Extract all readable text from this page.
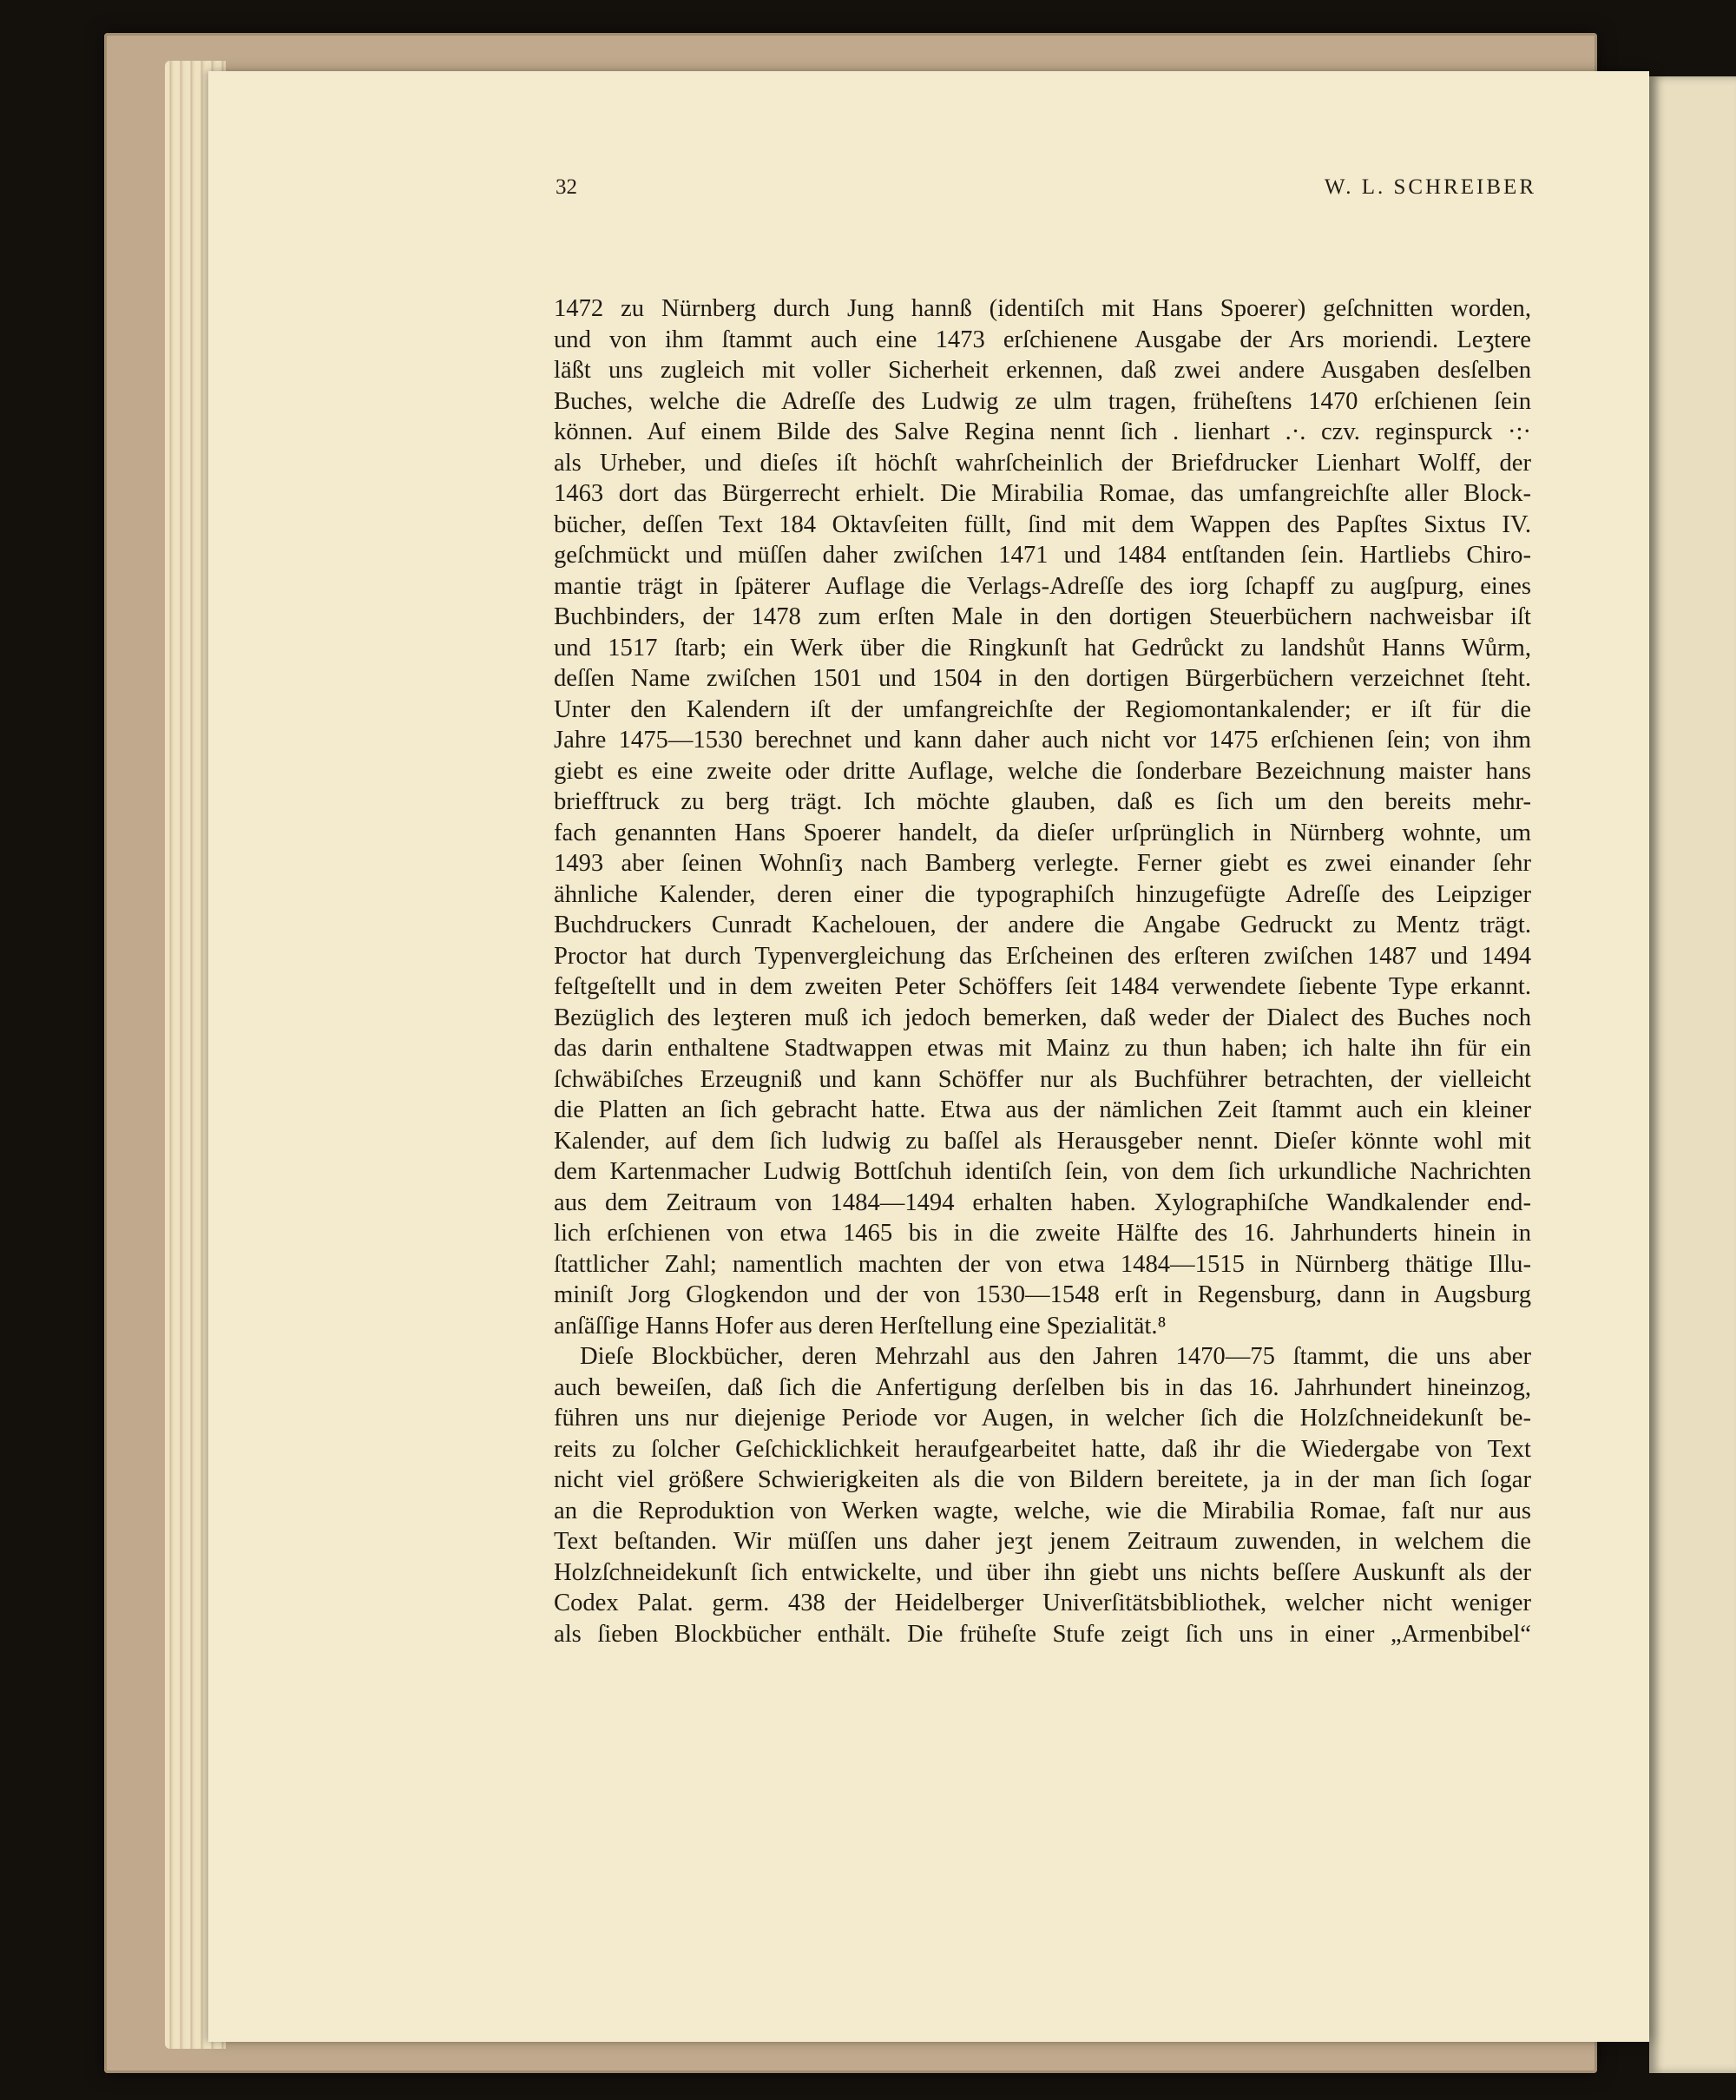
32	W. L. SCHREIBER
1472 zu Nürnberg durch Jung hannß (identiſch mit Hans Spoerer) geſchnitten worden,
und von ihm ſtammt auch eine 1473 erſchienene Ausgabe der Ars moriendi. Leʒtere
läßt uns zugleich mit voller Sicherheit erkennen, daß zwei andere Ausgaben desſelben
Buches, welche die Adreſſe des Ludwig ze ulm tragen, früheſtens 1470 erſchienen ſein
können. Auf einem Bilde des Salve Regina nennt ſich . lienhart .·. czv. reginspurck ·:·
als Urheber, und dieſes iſt höchſt wahrſcheinlich der Briefdrucker Lienhart Wolff, der
1463 dort das Bürgerrecht erhielt. Die Mirabilia Romae, das umfangreichſte aller Block-
bücher, deſſen Text 184 Oktavſeiten füllt, ſind mit dem Wappen des Papſtes Sixtus IV.
geſchmückt und müſſen daher zwiſchen 1471 und 1484 entſtanden ſein. Hartliebs Chiro-
mantie trägt in ſpäterer Auflage die Verlags-Adreſſe des iorg ſchapff zu augſpurg, eines
Buchbinders, der 1478 zum erſten Male in den dortigen Steuerbüchern nachweisbar iſt
und 1517 ſtarb; ein Werk über die Ringkunſt hat Gedrůckt zu landshůt Hanns Wůrm,
deſſen Name zwiſchen 1501 und 1504 in den dortigen Bürgerbüchern verzeichnet ſteht.
Unter den Kalendern iſt der umfangreichſte der Regiomontankalender; er iſt für die
Jahre 1475—1530 berechnet und kann daher auch nicht vor 1475 erſchienen ſein; von ihm
giebt es eine zweite oder dritte Auflage, welche die ſonderbare Bezeichnung maister hans
briefftruck zu berg trägt. Ich möchte glauben, daß es ſich um den bereits mehr-
fach genannten Hans Spoerer handelt, da dieſer urſprünglich in Nürnberg wohnte, um
1493 aber ſeinen Wohnſiʒ nach Bamberg verlegte. Ferner giebt es zwei einander ſehr
ähnliche Kalender, deren einer die typographiſch hinzugefügte Adreſſe des Leipziger
Buchdruckers Cunradt Kachelouen, der andere die Angabe Gedruckt zu Mentz trägt.
Proctor hat durch Typenvergleichung das Erſcheinen des erſteren zwiſchen 1487 und 1494
feſtgeſtellt und in dem zweiten Peter Schöffers ſeit 1484 verwendete ſiebente Type erkannt.
Bezüglich des leʒteren muß ich jedoch bemerken, daß weder der Dialect des Buches noch
das darin enthaltene Stadtwappen etwas mit Mainz zu thun haben; ich halte ihn für ein
ſchwäbiſches Erzeugniß und kann Schöffer nur als Buchführer betrachten, der vielleicht
die Platten an ſich gebracht hatte. Etwa aus der nämlichen Zeit ſtammt auch ein kleiner
Kalender, auf dem ſich ludwig zu baſſel als Herausgeber nennt. Dieſer könnte wohl mit
dem Kartenmacher Ludwig Bottſchuh identiſch ſein, von dem ſich urkundliche Nachrichten
aus dem Zeitraum von 1484—1494 erhalten haben. Xylographiſche Wandkalender end-
lich erſchienen von etwa 1465 bis in die zweite Hälfte des 16. Jahrhunderts hinein in
ſtattlicher Zahl; namentlich machten der von etwa 1484—1515 in Nürnberg thätige Illu-
miniſt Jorg Glogkendon und der von 1530—1548 erſt in Regensburg, dann in Augsburg
anſäſſige Hanns Hofer aus deren Herſtellung eine Spezialität.⁸
Dieſe Blockbücher, deren Mehrzahl aus den Jahren 1470—75 ſtammt, die uns aber
auch beweiſen, daß ſich die Anfertigung derſelben bis in das 16. Jahrhundert hineinzog,
führen uns nur diejenige Periode vor Augen, in welcher ſich die Holzſchneidekunſt be-
reits zu ſolcher Geſchicklichkeit heraufgearbeitet hatte, daß ihr die Wiedergabe von Text
nicht viel größere Schwierigkeiten als die von Bildern bereitete, ja in der man ſich ſogar
an die Reproduktion von Werken wagte, welche, wie die Mirabilia Romae, faſt nur aus
Text beſtanden. Wir müſſen uns daher jeʒt jenem Zeitraum zuwenden, in welchem die
Holzſchneidekunſt ſich entwickelte, und über ihn giebt uns nichts beſſere Auskunft als der
Codex Palat. germ. 438 der Heidelberger Univerſitätsbibliothek, welcher nicht weniger
als ſieben Blockbücher enthält. Die früheſte Stufe zeigt ſich uns in einer „Armenbibel“
